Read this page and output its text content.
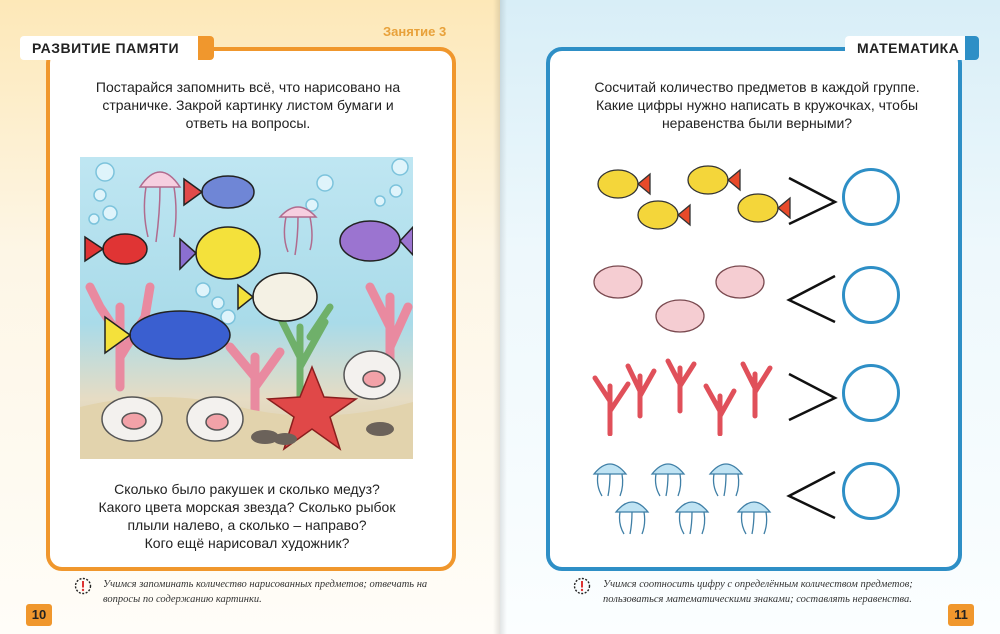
Занятие 3
РАЗВИТИЕ ПАМЯТИ
Постарайся запомнить всё, что нарисовано на страничке. Закрой картинку листом бумаги и ответь на вопросы.
Сколько было ракушек и сколько медуз?
Какого цвета морская звезда? Сколько рыбок
плыли налево, а сколько – направо?
Кого ещё нарисовал художник?
Учимся запоминать количество нарисованных предметов; отвечать на вопросы по содержанию картинки.
10
МАТЕМАТИКА
Сосчитай количество предметов в каждой группе. Какие цифры нужно написать в кружочках, чтобы неравенства были верными?
Учимся соотносить цифру с определённым количеством предметов; пользоваться математическими знаками; составлять неравенства.
11
